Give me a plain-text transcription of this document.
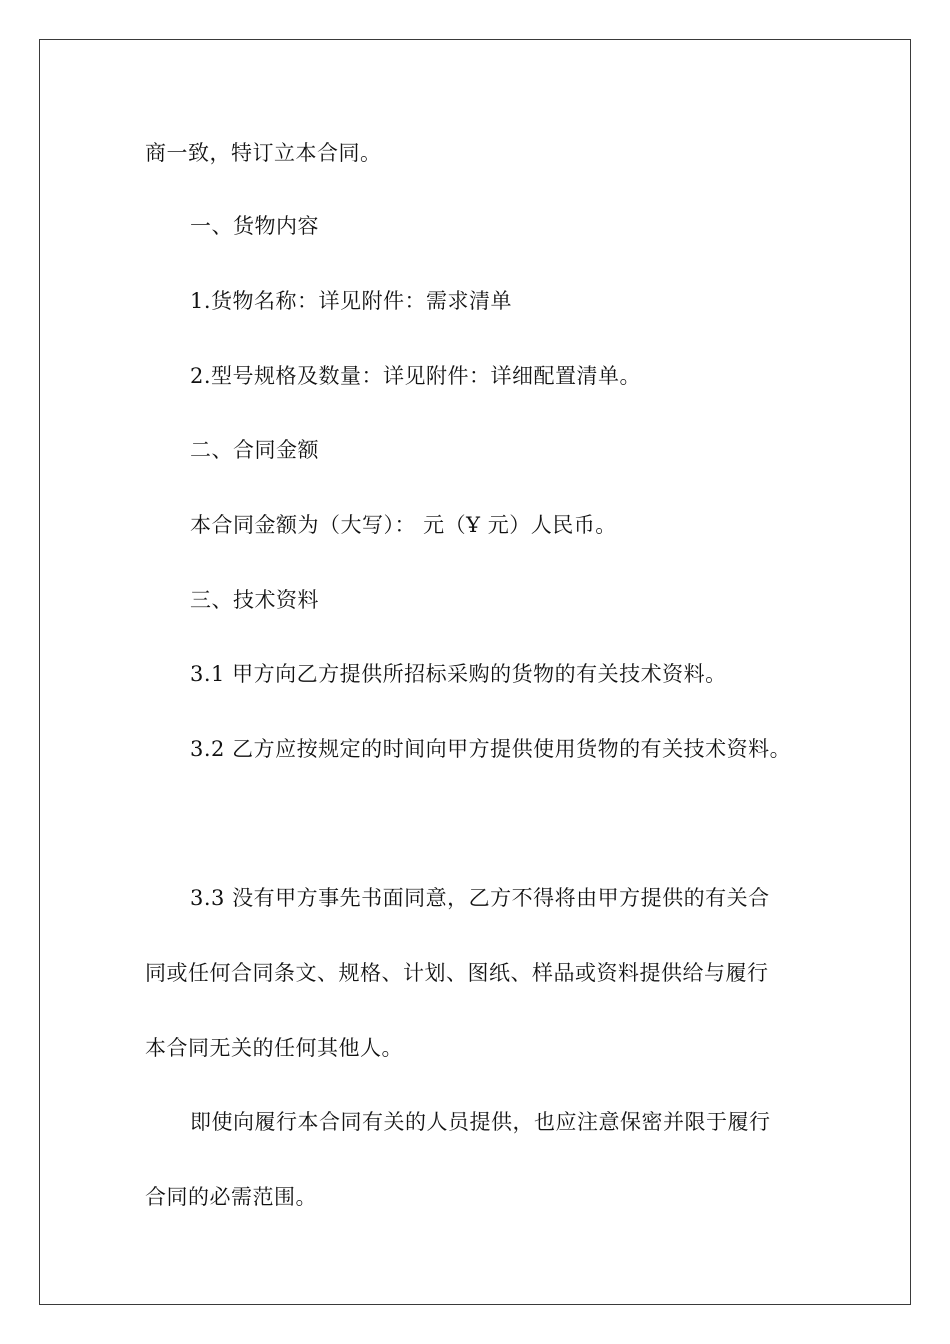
商一致，特订立本合同。

一、货物内容

1.货物名称：详见附件：需求清单

2.型号规格及数量：详见附件：详细配置清单。

二、合同金额

本合同金额为（大写）： 元（Ұ 元）人民币。

三、技术资料

3.1 甲方向乙方提供所招标采购的货物的有关技术资料。

3.2 乙方应按规定的时间向甲方提供使用货物的有关技术资料。

3.3 没有甲方事先书面同意，乙方不得将由甲方提供的有关合

同或任何合同条文、规格、计划、图纸、样品或资料提供给与履行

本合同无关的任何其他人。

即使向履行本合同有关的人员提供，也应注意保密并限于履行

合同的必需范围。
